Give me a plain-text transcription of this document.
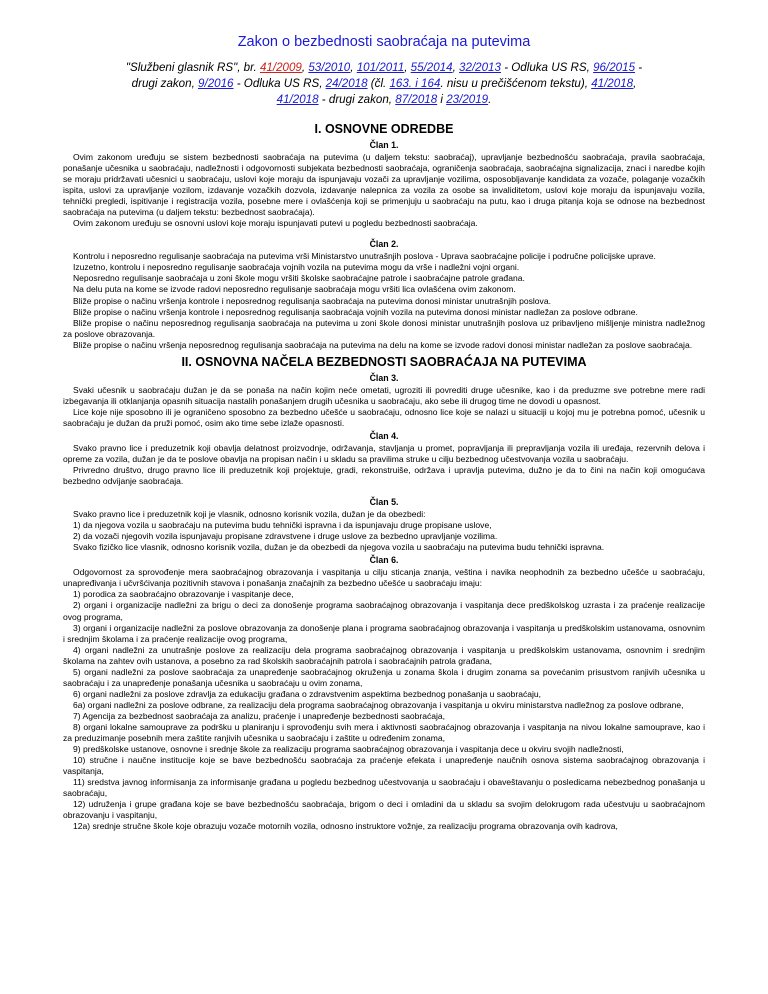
Zakon o bezbednosti saobraćaja na putevima
"Službeni glasnik RS", br. 41/2009, 53/2010, 101/2011, 55/2014, 32/2013 - Odluka US RS, 96/2015 - drugi zakon, 9/2016 - Odluka US RS, 24/2018 (čl. 163. i 164. nisu u prečišćenom tekstu), 41/2018, 41/2018 - drugi zakon, 87/2018 i 23/2019.
I. OSNOVNE ODREDBE
Član 1.

Ovim zakonom uređuju se sistem bezbednosti saobraćaja na putevima (u daljem tekstu: saobraćaj), upravljanje bezbednošću saobraćaja, pravila saobraćaja, ponašanje učesnika u saobraćaju, nadležnosti i odgovornosti subjekata bezbednosti saobraćaja, ograničenja saobraćaja, saobraćajna signalizacija, znaci i naredbe kojih se moraju pridržavati učesnici u saobraćaju, uslovi koje moraju da ispunjavaju vozači za upravljanje vozilima, osposobljavanje kandidata za vozače, polaganje vozačkih ispita, uslovi za upravljanje vozilom, izdavanje vozačkih dozvola, izdavanje nalepnica za vozila za osobe sa invaliditetom, uslovi koje moraju da ispunjavaju vozila, tehnički pregledi, ispitivanje i registracija vozila, posebne mere i ovlašćenja koji se primenjuju u saobraćaju na putu, kao i druga pitanja koja se odnose na bezbednost saobraćaja na putevima (u daljem tekstu: bezbednost saobraćaja).

Ovim zakonom uređuju se osnovni uslovi koje moraju ispunjavati putevi u pogledu bezbednosti saobraćaja.

Član 2.

Kontrolu i neposredno regulisanje saobraćaja na putevima vrši Ministarstvo unutrašnjih poslova - Uprava saobraćajne policije i područne policijske uprave.

Izuzetno, kontrolu i neposredno regulisanje saobraćaja vojnih vozila na putevima mogu da vrše i nadležni vojni organi.

Neposredno regulisanje saobraćaja u zoni škole mogu vršiti školske saobraćajne patrole i saobraćajne patrole građana.

Na delu puta na kome se izvode radovi neposredno regulisanje saobraćaja mogu vršiti lica ovlašćena ovim zakonom.

Bliže propise o načinu vršenja kontrole i neposrednog regulisanja saobraćaja na putevima donosi ministar unutrašnjih poslova.

Bliže propise o načinu vršenja kontrole i neposrednog regulisanja saobraćaja vojnih vozila na putevima donosi ministar nadležan za poslove odbrane.

Bliže propise o načinu neposrednog regulisanja saobraćaja na putevima u zoni škole donosi ministar unutrašnjih poslova uz pribavljeno mišljenje ministra nadležnog za poslove obrazovanja.

Bliže propise o načinu vršenja neposrednog regulisanja saobraćaja na putevima na delu na kome se izvode radovi donosi ministar nadležan za poslove saobraćaja.

II. OSNOVNA NAČELA BEZBEDNOSTI SAOBRAĆAJA NA PUTEVIMA
Član 3.

Svaki učesnik u saobraćaju dužan je da se ponaša na način kojim neće ometati, ugroziti ili povrediti druge učesnike, kao i da preduzme sve potrebne mere radi izbegavanja ili otklanjanja opasnih situacija nastalih ponašanjem drugih učesnika u saobraćaju, ako sebe ili drugog time ne dovodi u opasnost.

Lice koje nije sposobno ili je ograničeno sposobno za bezbedno učešće u saobraćaju, odnosno lice koje se nalazi u situaciji u kojoj mu je potrebna pomoć, učesnik u saobraćaju je dužan da pruži pomoć, osim ako time sebe izlaže opasnosti.

Član 4.

Svako pravno lice i preduzetnik koji obavlja delatnost proizvodnje, održavanja, stavljanja u promet, popravljanja ili prepravljanja vozila ili uređaja, rezervnih delova i opreme za vozila, dužan je da te poslove obavlja na propisan način i u skladu sa pravilima struke u cilju bezbednog učestvovanja vozila u saobraćaju.

Privredno društvo, drugo pravno lice ili preduzetnik koji projektuje, gradi, rekonstruiše, održava i upravlja putevima, dužno je da to čini na način koji omogućava bezbedno odvijanje saobraćaja.

Član 5.

Svako pravno lice i preduzetnik koji je vlasnik, odnosno korisnik vozila, dužan je da obezbedi:

1) da njegova vozila u saobraćaju na putevima budu tehnički ispravna i da ispunjavaju druge propisane uslove,

2) da vozači njegovih vozila ispunjavaju propisane zdravstvene i druge uslove za bezbedno upravljanje vozilima.

Svako fizičko lice vlasnik, odnosno korisnik vozila, dužan je da obezbedi da njegova vozila u saobraćaju na putevima budu tehnički ispravna.

Član 6.

Odgovornost za sprovođenje mera saobraćajnog obrazovanja i vaspitanja u cilju sticanja znanja, veština i navika neophodnih za bezbedno učešće u saobraćaju, unapređivanja i učvršćivanja pozitivnih stavova i ponašanja značajnih za bezbedno učešće u saobraćaju imaju:

1) porodica za saobraćajno obrazovanje i vaspitanje dece,

2) organi i organizacije nadležni za brigu o deci za donošenje programa saobraćajnog obrazovanja i vaspitanja dece predškolskog uzrasta i za praćenje realizacije ovog programa,

3) organi i organizacije nadležni za poslove obrazovanja za donošenje plana i programa saobraćajnog obrazovanja i vaspitanja u predškolskim ustanovama, osnovnim i srednjim školama i za praćenje realizacije ovog programa,

4) organi nadležni za unutrašnje poslove za realizaciju dela programa saobraćajnog obrazovanja i vaspitanja u predškolskim ustanovama, osnovnim i srednjim školama na zahtev ovih ustanova, a posebno za rad školskih saobraćajnih patrola i saobraćajnih patrola građana,

5) organi nadležni za poslove saobraćaja za unapređenje saobraćajnog okruženja u zonama škola i drugim zonama sa povećanim prisustvom ranjivih učesnika u saobraćaju i za unapređenje ponašanja učesnika u saobraćaju u ovim zonama,

6) organi nadležni za poslove zdravlja za edukaciju građana o zdravstvenim aspektima bezbednog ponašanja u saobraćaju,

6a) organi nadležni za poslove odbrane, za realizaciju dela programa saobraćajnog obrazovanja i vaspitanja u okviru ministarstva nadležnog za poslove odbrane,

7) Agencija za bezbednost saobraćaja za analizu, praćenje i unapređenje bezbednosti saobraćaja,

8) organi lokalne samouprave za podršku u planiranju i sprovođenju svih mera i aktivnosti saobraćajnog obrazovanja i vaspitanja na nivou lokalne samouprave, kao i za preduzimanje posebnih mera zaštite ranjivih učesnika u saobraćaju i zaštite u određenim zonama,

9) predškolske ustanove, osnovne i srednje škole za realizaciju programa saobraćajnog obrazovanja i vaspitanja dece u okviru svojih nadležnosti,

10) stručne i naučne institucije koje se bave bezbednošću saobraćaja za praćenje efekata i unapređenje naučnih osnova sistema saobraćajnog obrazovanja i vaspitanja,

11) sredstva javnog informisanja za informisanje građana u pogledu bezbednog učestvovanja u saobraćaju i obaveštavanju o posledicama nebezbednog ponašanja u saobraćaju,

12) udruženja i grupe građana koje se bave bezbednošću saobraćaja, brigom o deci i omladini da u skladu sa svojim delokrugom rada učestvuju u saobraćajnom obrazovanju i vaspitanju,

12a) srednje stručne škole koje obrazuju vozače motornih vozila, odnosno instruktore vožnje, za realizaciju programa obrazovanja ovih kadrova,
